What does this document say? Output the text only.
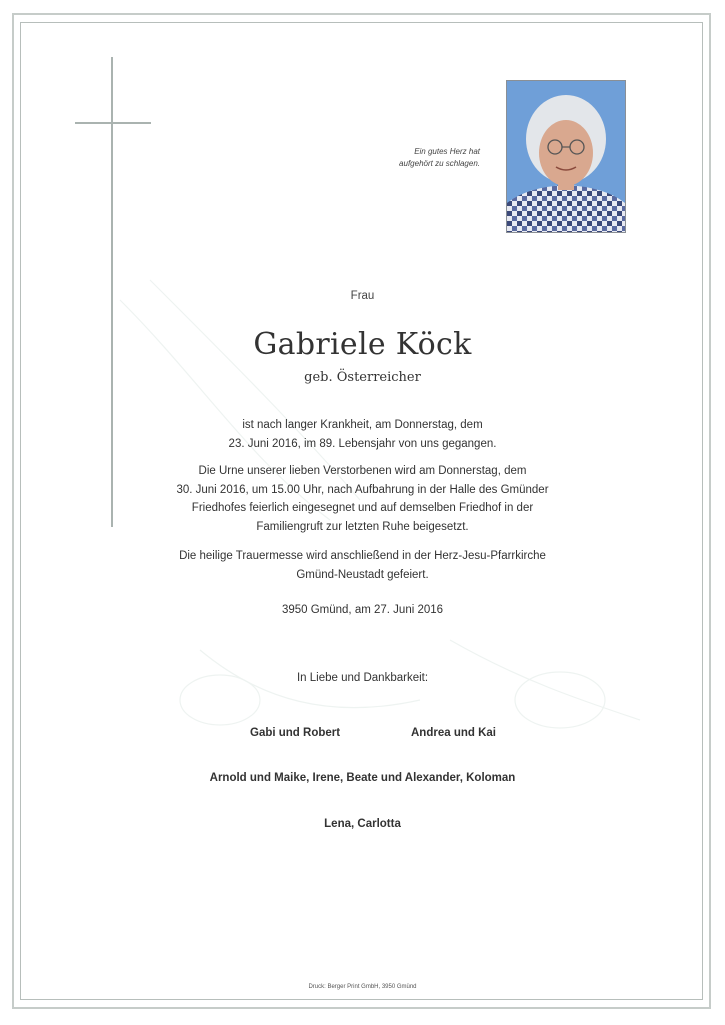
Ein gutes Herz hat
aufgehört zu schlagen.
Frau
Gabriele Köck
geb. Österreicher
ist nach langer Krankheit, am Donnerstag, dem
23. Juni 2016, im 89. Lebensjahr von uns gegangen.
Die Urne unserer lieben Verstorbenen wird am Donnerstag, dem
30. Juni 2016, um 15.00 Uhr, nach Aufbahrung in der Halle des Gmünder
Friedhofes feierlich eingesegnet und auf demselben Friedhof in der
Familiengruft zur letzten Ruhe beigesetzt.
Die heilige Trauermesse wird anschließend in der Herz-Jesu-Pfarrkirche
Gmünd-Neustadt gefeiert.
3950 Gmünd, am 27. Juni 2016
In Liebe und Dankbarkeit:
Gabi und Robert	Andrea und Kai
Arnold und Maike, Irene, Beate und Alexander, Koloman
Lena, Carlotta
Druck: Berger Print GmbH, 3950 Gmünd
